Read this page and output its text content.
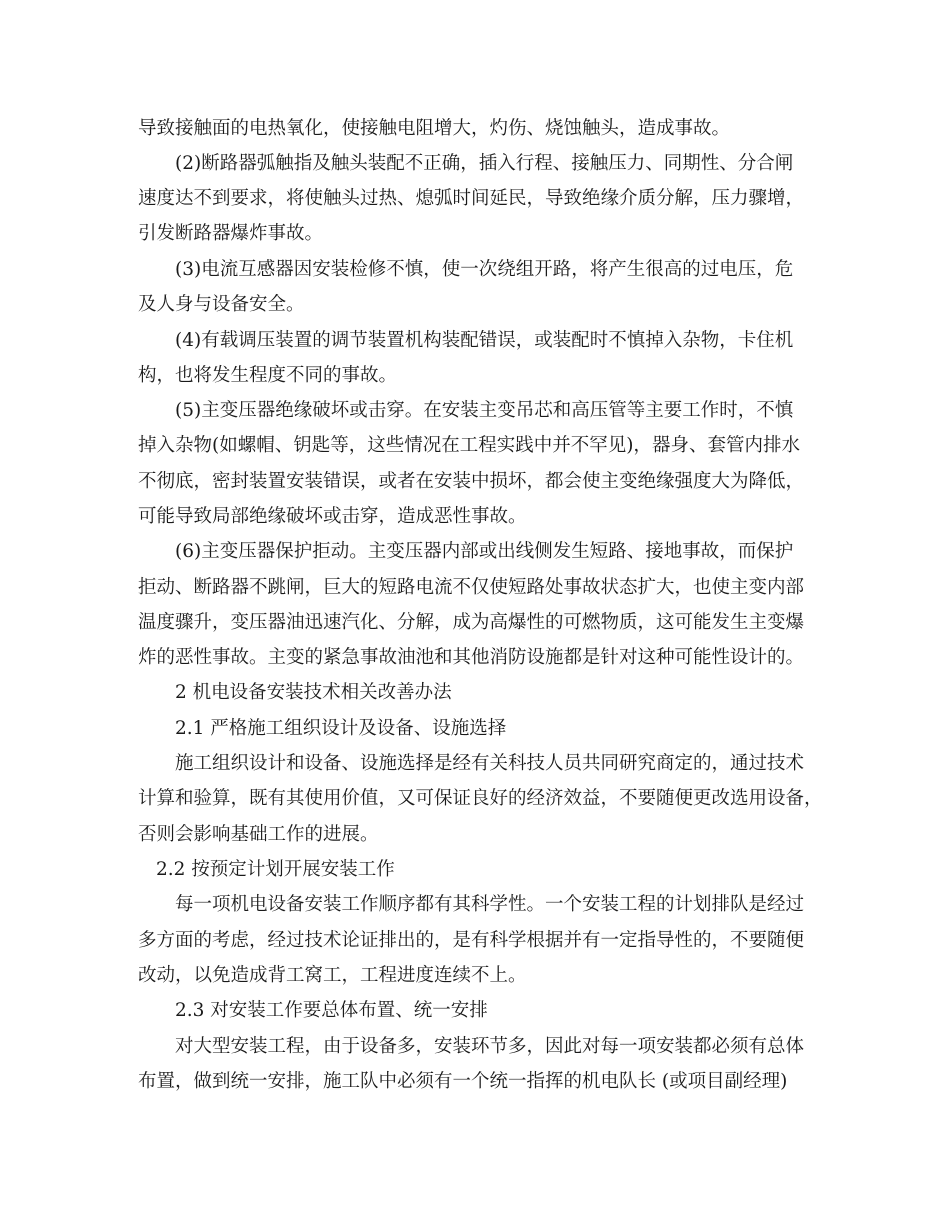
导致接触面的电热氧化，使接触电阻增大，灼伤、烧蚀触头，造成事故。
(2)断路器弧触指及触头装配不正确，插入行程、接触压力、同期性、分合闸
速度达不到要求，将使触头过热、熄弧时间延民，导致绝缘介质分解，压力骤增，
引发断路器爆炸事故。
(3)电流互感器因安装检修不慎，使一次绕组开路，将产生很高的过电压，危
及人身与设备安全。
(4)有载调压装置的调节装置机构装配错误，或装配时不慎掉入杂物，卡住机
构，也将发生程度不同的事故。
(5)主变压器绝缘破坏或击穿。在安装主变吊芯和高压管等主要工作时，不慎
掉入杂物(如螺帽、钥匙等，这些情况在工程实践中并不罕见)，器身、套管内排水
不彻底，密封装置安装错误，或者在安装中损坏，都会使主变绝缘强度大为降低，
可能导致局部绝缘破坏或击穿，造成恶性事故。
(6)主变压器保护拒动。主变压器内部或出线侧发生短路、接地事故，而保护
拒动、断路器不跳闸，巨大的短路电流不仅使短路处事故状态扩大，也使主变内部
温度骤升，变压器油迅速汽化、分解，成为高爆性的可燃物质，这可能发生主变爆
炸的恶性事故。主变的紧急事故油池和其他消防设施都是针对这种可能性设计的。
2 机电设备安装技术相关改善办法
2.1 严格施工组织设计及设备、设施选择
施工组织设计和设备、设施选择是经有关科技人员共同研究商定的，通过技术
计算和验算，既有其使用价值，又可保证良好的经济效益，不要随便更改选用设备，
否则会影响基础工作的进展。
2.2 按预定计划开展安装工作
每一项机电设备安装工作顺序都有其科学性。一个安装工程的计划排队是经过
多方面的考虑，经过技术论证排出的，是有科学根据并有一定指导性的，不要随便
改动，以免造成背工窝工，工程进度连续不上。
2.3 对安装工作要总体布置、统一安排
对大型安装工程，由于设备多，安装环节多，因此对每一项安装都必须有总体
布置，做到统一安排，施工队中必须有一个统一指挥的机电队长 (或项目副经理)
